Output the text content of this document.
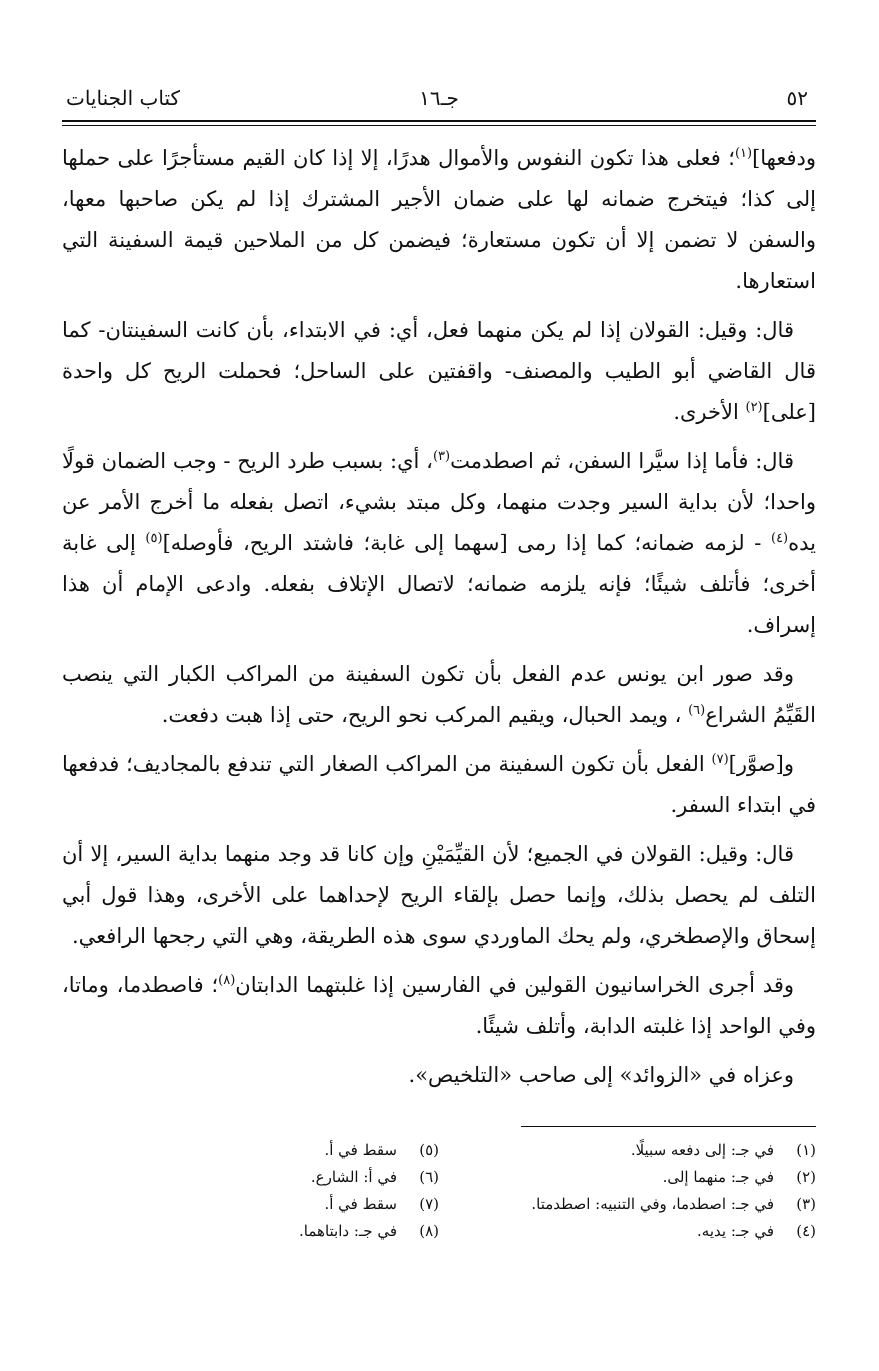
٥٢
جـ١٦
كتاب الجنايات

ودفعها]$^{(١)}$؛ فعلى هذا تكون النفوس والأموال هدرًا، إلا إذا كان القيم مستأجرًا على حملها إلى كذا؛ فيتخرج ضمانه لها على ضمان الأجير المشترك إذا لم يكن صاحبها معها، والسفن لا تضمن إلا أن تكون مستعارة؛ فيضمن كل من الملاحين قيمة السفينة التي استعارها.

قال: وقيل: القولان إذا لم يكن منهما فعل، أي: في الابتداء، بأن كانت السفينتان- كما قال القاضي أبو الطيب والمصنف- واقفتين على الساحل؛ فحملت الريح كل واحدة [على]$^{(٢)}$ الأخرى.

قال: فأما إذا سيَّرا السفن، ثم اصطدمت$^{(٣)}$، أي: بسبب طرد الريح - وجب الضمان قولًا واحدا؛ لأن بداية السير وجدت منهما، وكل مبتد بشيء، اتصل بفعله ما أخرج الأمر عن يده$^{(٤)}$ - لزمه ضمانه؛ كما إذا رمى [سهما إلى غابة؛ فاشتد الريح، فأوصله]$^{(٥)}$ إلى غابة أخرى؛ فأتلف شيئًا؛ فإنه يلزمه ضمانه؛ لاتصال الإتلاف بفعله. وادعى الإمام أن هذا إسراف.

وقد صور ابن يونس عدم الفعل بأن تكون السفينة من المراكب الكبار التي ينصب القَيِّمُ الشراع$^{(٦)}$ ، ويمد الحبال، ويقيم المركب نحو الريح، حتى إذا هبت دفعت.

و[صوَّر]$^{(٧)}$ الفعل بأن تكون السفينة من المراكب الصغار التي تندفع بالمجاديف؛ فدفعها في ابتداء السفر.

قال: وقيل: القولان في الجميع؛ لأن القيِّمَيْنِ وإن كانا قد وجد منهما بداية السير، إلا أن التلف لم يحصل بذلك، وإنما حصل بإلقاء الريح لإحداهما على الأخرى، وهذا قول أبي إسحاق والإصطخري، ولم يحك الماوردي سوى هذه الطريقة، وهي التي رجحها الرافعي.

وقد أجرى الخراسانيون القولين في الفارسين إذا غلبتهما الدابتان$^{(٨)}$؛ فاصطدما، وماتا، وفي الواحد إذا غلبته الدابة، وأتلف شيئًا.

وعزاه في «الزوائد» إلى صاحب «التلخيص».

(١)
في جـ: إلى دفعه سبيلًا.
(٢)
في جـ: منهما إلى.
(٣)
في جـ: اصطدما، وفي التنبيه: اصطدمتا.
(٤)
في جـ: يديه.
(٥)
سقط في أ.
(٦)
في أ: الشارع.
(٧)
سقط في أ.
(٨)
في جـ: دابتاهما.
